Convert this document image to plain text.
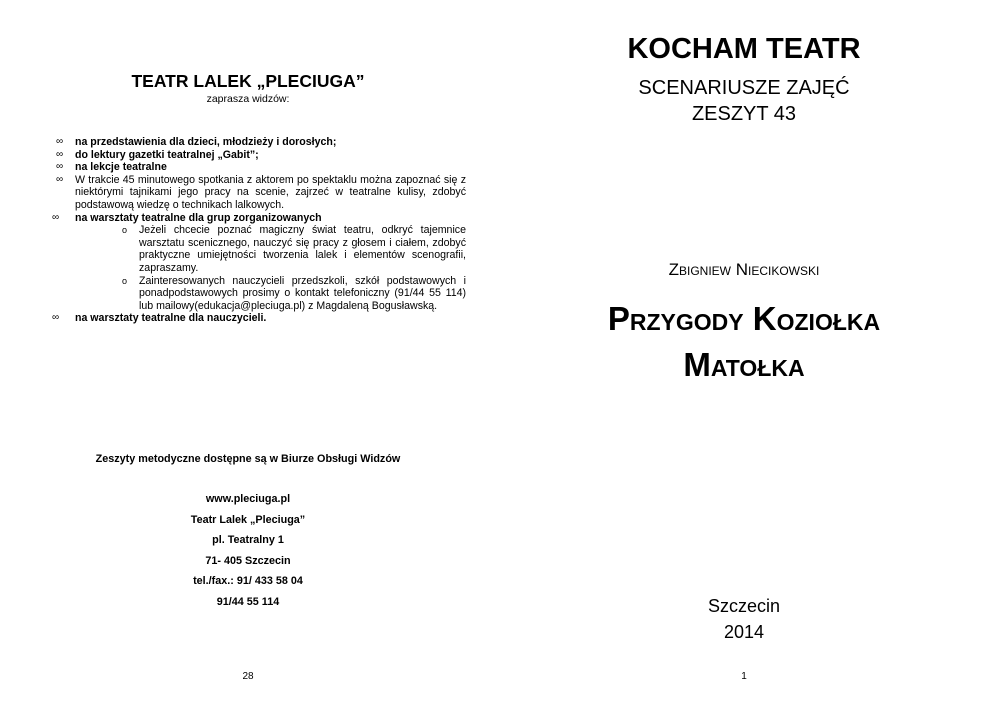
TEATR LALEK „PLECIUGA”
zaprasza widzów:
∞ na przedstawienia dla dzieci, młodzieży i dorosłych;
∞ do lektury gazetki teatralnej „Gabit”;
∞ na lekcje teatralne
∞ W trakcie 45 minutowego spotkania z aktorem po spektaklu można zapoznać się z niektórymi tajnikami jego pracy na scenie, zajrzeć w teatralne kulisy, zdobyć podstawową wiedzę o technikach lalkowych.
∞ na warsztaty teatralne dla grup zorganizowanych
o Jeżeli chcecie poznać magiczny świat teatru, odkryć tajemnice warsztatu scenicznego, nauczyć się pracy z głosem i ciałem, zdobyć praktyczne umiejętności tworzenia lalek i elementów scenografii, zapraszamy.
o Zainteresowanych nauczycieli przedszkoli, szkół podstawowych i ponadpodstawowych prosimy o kontakt telefoniczny (91/44 55 114) lub mailowy(edukacja@pleciuga.pl) z Magdaleną Bogusławską.
∞ na warsztaty teatralne dla nauczycieli.
Zeszyty metodyczne dostępne są w Biurze Obsługi Widzów
www.pleciuga.pl
Teatr Lalek „Pleciuga”
pl. Teatralny 1
71- 405 Szczecin
tel./fax.: 91/ 433 58 04
91/44 55 114
28
KOCHAM TEATR
SCENARIUSZE ZAJĘĆ
ZESZYT 43
Zbigniew Niecikowski
Przygody Koziołka
Matołka
Szczecin
2014
1
